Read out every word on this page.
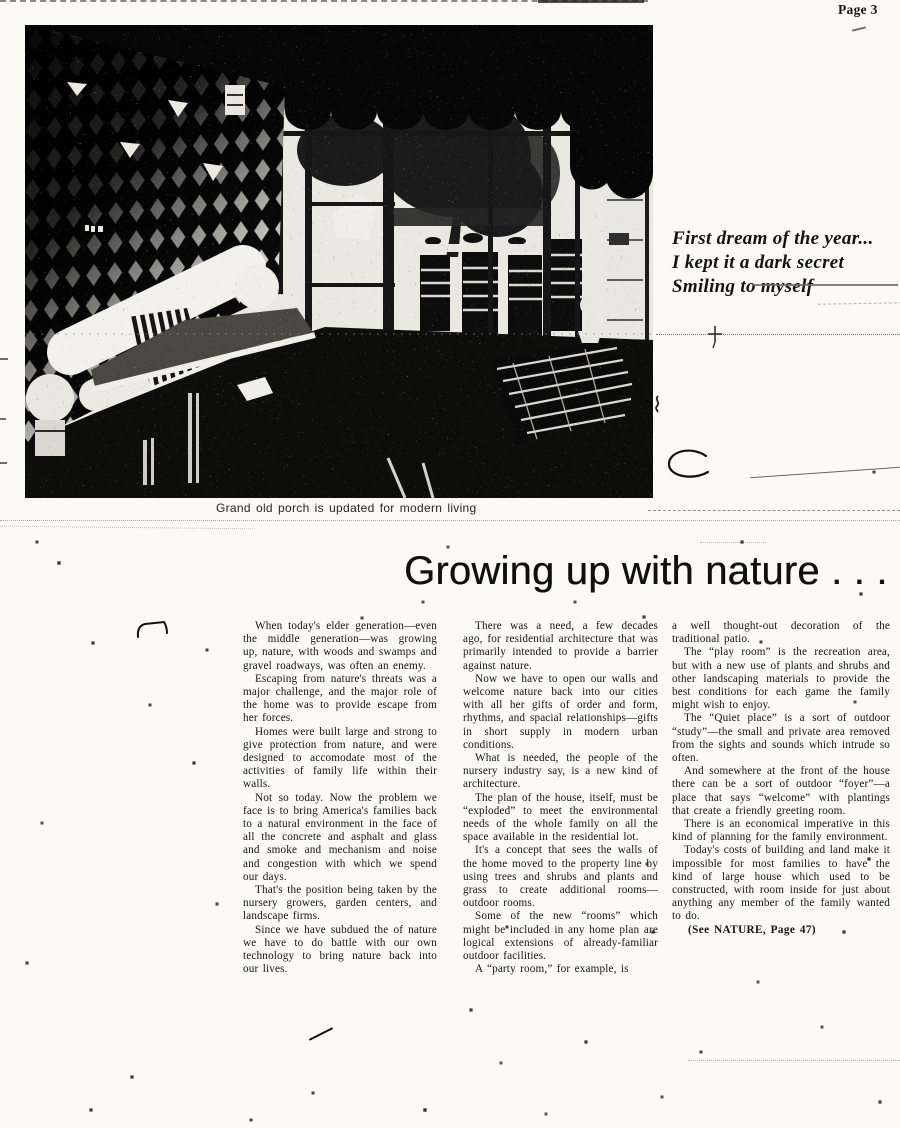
Page 3
Grand old porch is updated for modern living
First dream of the year...
I kept it a dark secret
Smiling to myself
Growing up with nature . . .

When today's elder generation—even the middle generation—was growing up, nature, with woods and swamps and gravel roadways, was often an enemy.

Escaping from nature's threats was a major challenge, and the major role of the home was to provide escape from her forces.

Homes were built large and strong to give protection from nature, and were designed to accomodate most of the activities of family life within their walls.

Not so today. Now the problem we face is to bring America's families back to a natural environment in the face of all the concrete and asphalt and glass and smoke and mechanism and noise and congestion with which we spend our days.

That's the position being taken by the nursery growers, garden centers, and landscape firms.

Since we have subdued the of nature we have to do battle with our own technology to bring nature back into our lives.

There was a need, a few decades ago, for residential architecture that was primarily intended to provide a barrier against nature.

Now we have to open our walls and welcome nature back into our cities with all her gifts of order and form, rhythms, and spacial relationships—gifts in short supply in modern urban conditions.

What is needed, the people of the nursery industry say, is a new kind of architecture.

The plan of the house, itself, must be “exploded” to meet the environmental needs of the whole family on all the space available in the residential lot.

It's a concept that sees the walls of the home moved to the property line by using trees and shrubs and plants and grass to create additional rooms—outdoor rooms.

Some of the new “rooms” which might be included in any home plan are logical extensions of already-familiar outdoor facilities.

A “party room,” for example, is

a well thought-out decoration of the traditional patio.

The “play room” is the recreation area, but with a new use of plants and shrubs and other landscaping materials to provide the best conditions for each game the family might wish to enjoy.

The “Quiet place” is a sort of outdoor “study”—the small and private area removed from the sights and sounds which intrude so often.

And somewhere at the front of the house there can be a sort of outdoor “foyer”—a place that says “welcome” with plantings that create a friendly greeting room.

There is an economical imperative in this kind of planning for the family environment.

Today's costs of building and land make it impossible for most families to have the kind of large house which used to be constructed, with room inside for just about anything any member of the family wanted to do.

(See NATURE, Page 47)
